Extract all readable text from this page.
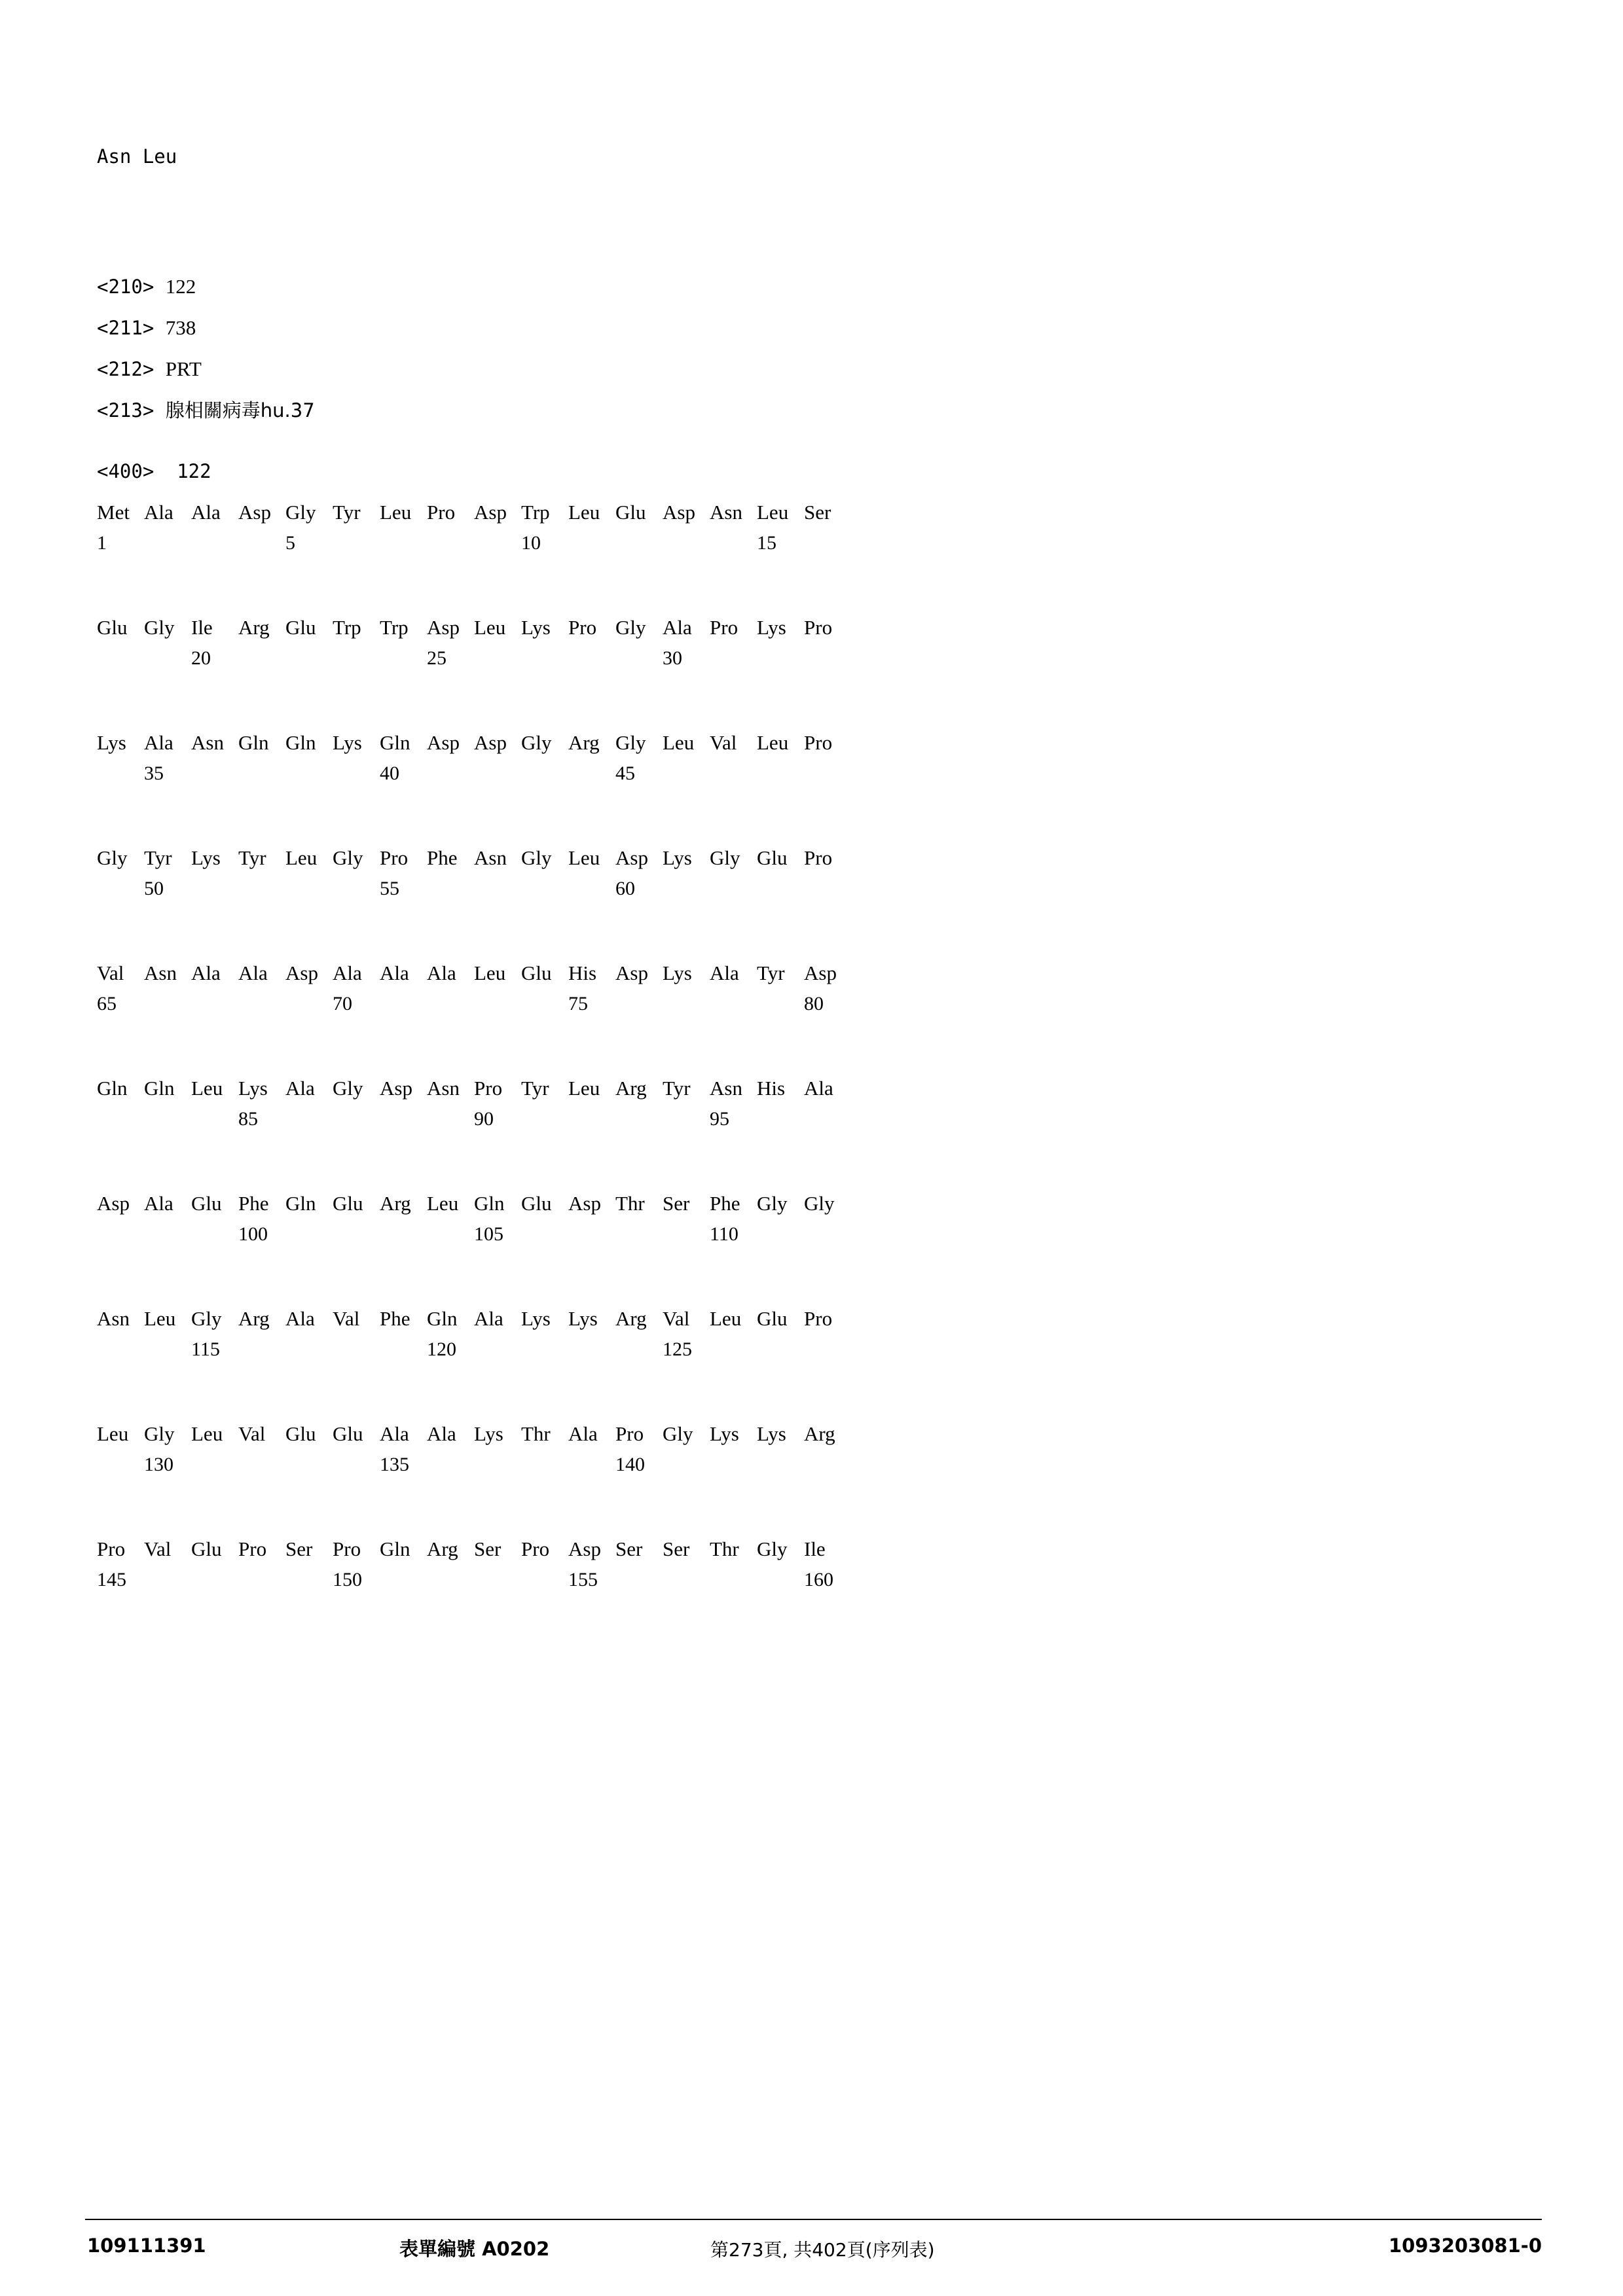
Asn Leu
<210> 122
<211> 738
<212> PRT
<213> 腺相關病毒hu.37
<400>  122
Met Ala Ala Asp Gly Tyr Leu Pro Asp Trp Leu Glu Asp Asn Leu Ser
1	5	10	15
Glu Gly Ile Arg Glu Trp Trp Asp Leu Lys Pro Gly Ala Pro Lys Pro
20	25	30
Lys Ala Asn Gln Gln Lys Gln Asp Asp Gly Arg Gly Leu Val Leu Pro
35	40	45
Gly Tyr Lys Tyr Leu Gly Pro Phe Asn Gly Leu Asp Lys Gly Glu Pro
50	55	60
Val Asn Ala Ala Asp Ala Ala Ala Leu Glu His Asp Lys Ala Tyr Asp
65	70	75	80
Gln Gln Leu Lys Ala Gly Asp Asn Pro Tyr Leu Arg Tyr Asn His Ala
85	90	95
Asp Ala Glu Phe Gln Glu Arg Leu Gln Glu Asp Thr Ser Phe Gly Gly
100	105	110
Asn Leu Gly Arg Ala Val Phe Gln Ala Lys Lys Arg Val Leu Glu Pro
115	120	125
Leu Gly Leu Val Glu Glu Ala Ala Lys Thr Ala Pro Gly Lys Lys Arg
130	135	140
Pro Val Glu Pro Ser Pro Gln Arg Ser Pro Asp Ser Ser Thr Gly Ile
145	150	155	160
109111391	表單編號 A0202	第273頁, 共402頁(序列表)	1093203081-0
